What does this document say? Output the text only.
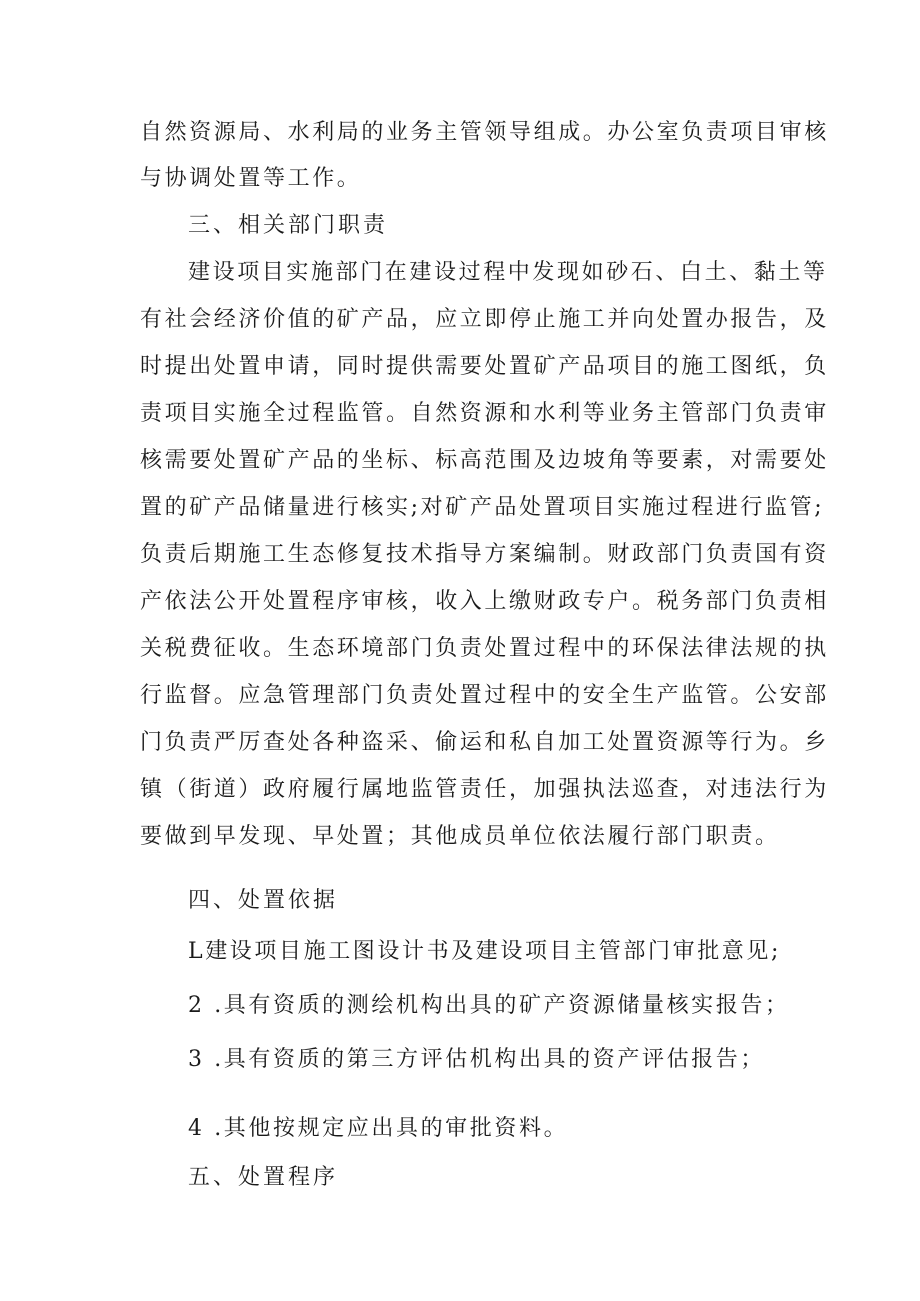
自然资源局、水利局的业务主管领导组成。办公室负责项目审核
与协调处置等工作。
三、相关部门职责
建设项目实施部门在建设过程中发现如砂石、白土、黏土等
有社会经济价值的矿产品，应立即停止施工并向处置办报告，及
时提出处置申请，同时提供需要处置矿产品项目的施工图纸，负
责项目实施全过程监管。自然资源和水利等业务主管部门负责审
核需要处置矿产品的坐标、标高范围及边坡角等要素，对需要处
置的矿产品储量进行核实;对矿产品处置项目实施过程进行监管;
负责后期施工生态修复技术指导方案编制。财政部门负责国有资
产依法公开处置程序审核，收入上缴财政专户。税务部门负责相
关税费征收。生态环境部门负责处置过程中的环保法律法规的执
行监督。应急管理部门负责处置过程中的安全生产监管。公安部
门负责严厉查处各种盗采、偷运和私自加工处置资源等行为。乡
镇（街道）政府履行属地监管责任，加强执法巡查，对违法行为
要做到早发现、早处置；其他成员单位依法履行部门职责。
四、处置依据
L建设项目施工图设计书及建设项目主管部门审批意见;
2 .具有资质的测绘机构出具的矿产资源储量核实报告；
3 .具有资质的第三方评估机构出具的资产评估报告；
4 .其他按规定应出具的审批资料。
五、处置程序
